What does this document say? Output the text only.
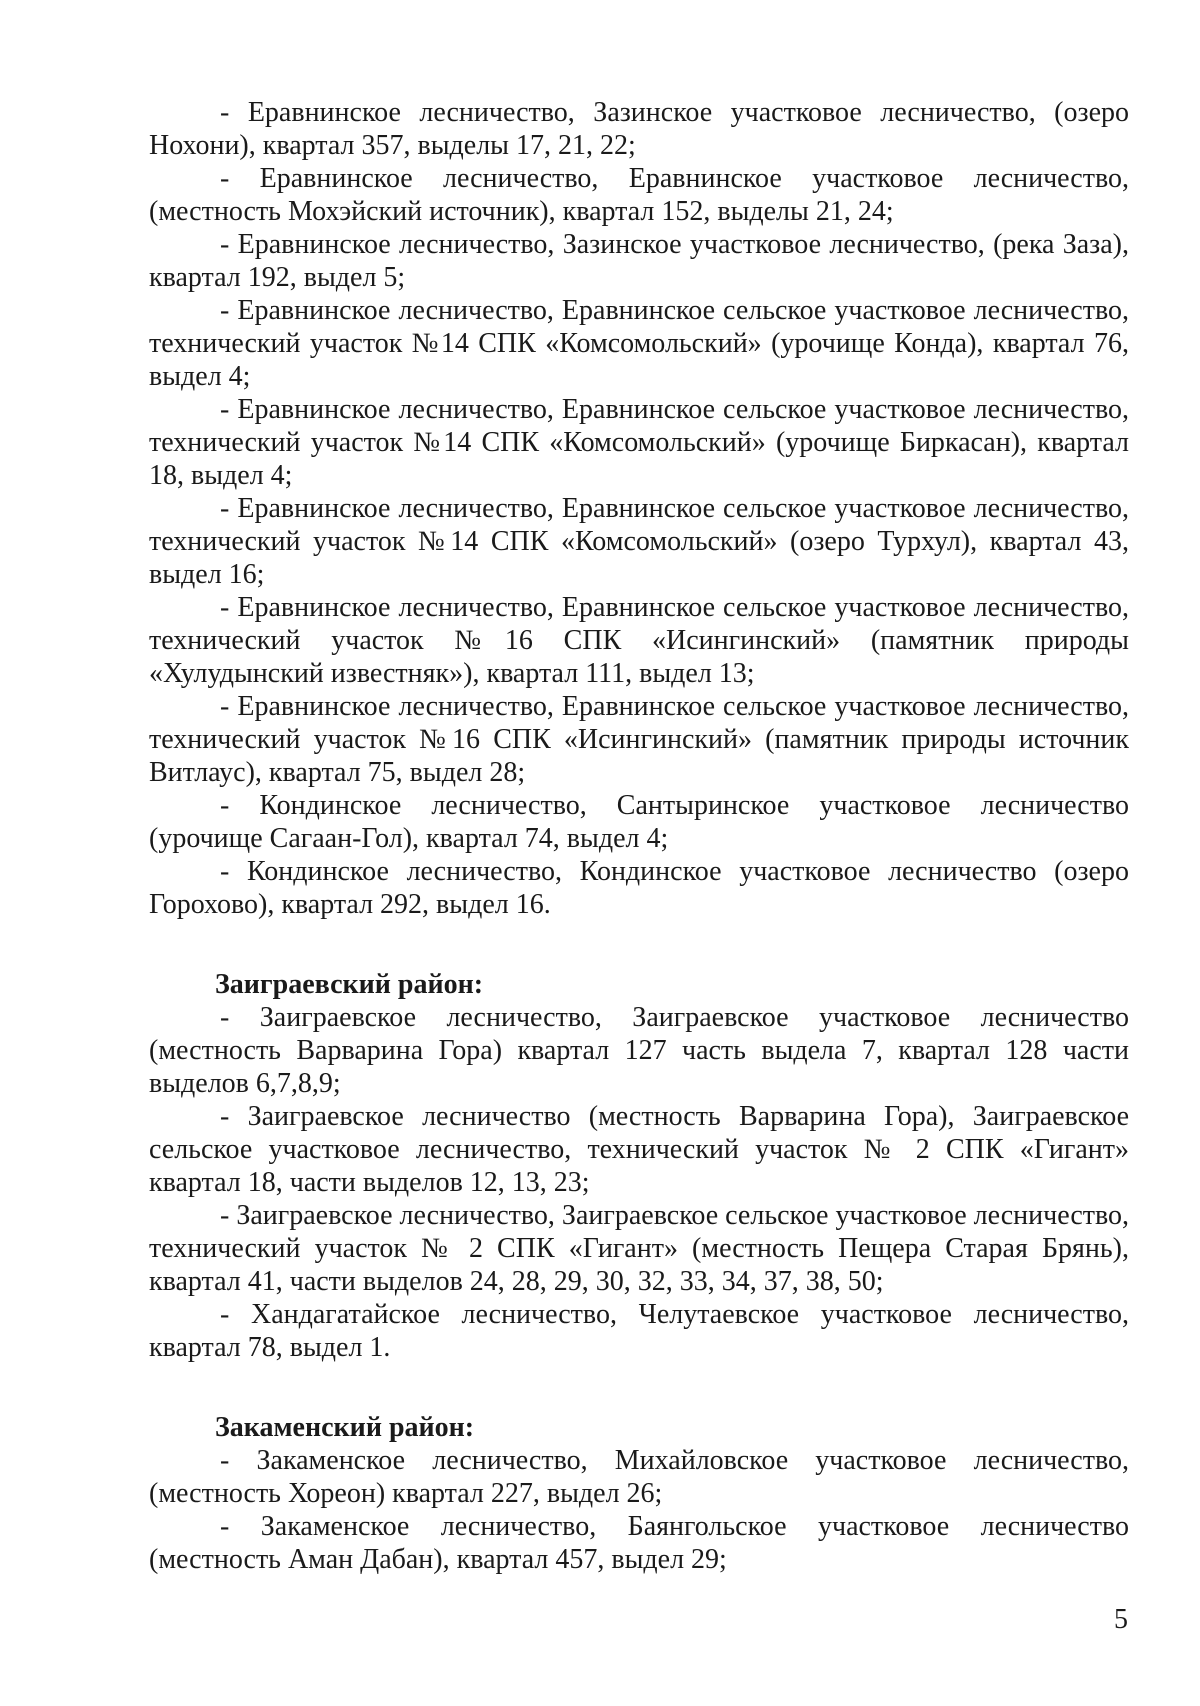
- Еравнинское лесничество, Зазинское участковое лесничество, (озеро Нохони), квартал 357, выделы 17, 21, 22;

- Еравнинское лесничество, Еравнинское участковое лесничество, (местность Мохэйский источник), квартал 152, выделы 21, 24;

- Еравнинское лесничество, Зазинское участковое лесничество, (река Заза), квартал 192, выдел 5;

- Еравнинское лесничество, Еравнинское сельское участковое лесничество, технический участок №14 СПК «Комсомольский» (урочище Конда), квартал 76, выдел 4;

- Еравнинское лесничество, Еравнинское сельское участковое лесничество, технический участок №14 СПК «Комсомольский» (урочище Биркасан), квартал 18, выдел 4;

- Еравнинское лесничество, Еравнинское сельское участковое лесничество, технический участок №14 СПК «Комсомольский» (озеро Турхул), квартал 43, выдел 16;

- Еравнинское лесничество, Еравнинское сельское участковое лесничество, технический участок №16 СПК «Исингинский» (памятник природы «Хулудынский известняк»), квартал 111, выдел 13;

- Еравнинское лесничество, Еравнинское сельское участковое лесничество, технический участок №16 СПК «Исингинский» (памятник природы источник Витлаус), квартал 75, выдел 28;

- Кондинское лесничество, Сантыринское участковое лесничество (урочище Сагаан-Гол), квартал 74, выдел 4;

- Кондинское лесничество, Кондинское участковое лесничество (озеро Горохово), квартал 292, выдел 16.

Заиграевский район:

- Заиграевское лесничество, Заиграевское участковое лесничество (местность Варварина Гора) квартал 127 часть выдела 7, квартал 128 части выделов 6,7,8,9;

- Заиграевское лесничество (местность Варварина Гора), Заиграевское сельское участковое лесничество, технический участок № 2 СПК «Гигант» квартал 18, части выделов 12, 13, 23;

- Заиграевское лесничество, Заиграевское сельское участковое лесничество, технический участок № 2 СПК «Гигант» (местность Пещера Старая Брянь), квартал 41, части выделов 24, 28, 29, 30, 32, 33, 34, 37, 38, 50;

- Хандагатайское лесничество, Челутаевское участковое лесничество, квартал 78, выдел 1.

Закаменский район:

- Закаменское лесничество, Михайловское участковое лесничество, (местность Хореон) квартал 227, выдел 26;

- Закаменское лесничество, Баянгольское участковое лесничество (местность Аман Дабан), квартал 457, выдел 29;

5
